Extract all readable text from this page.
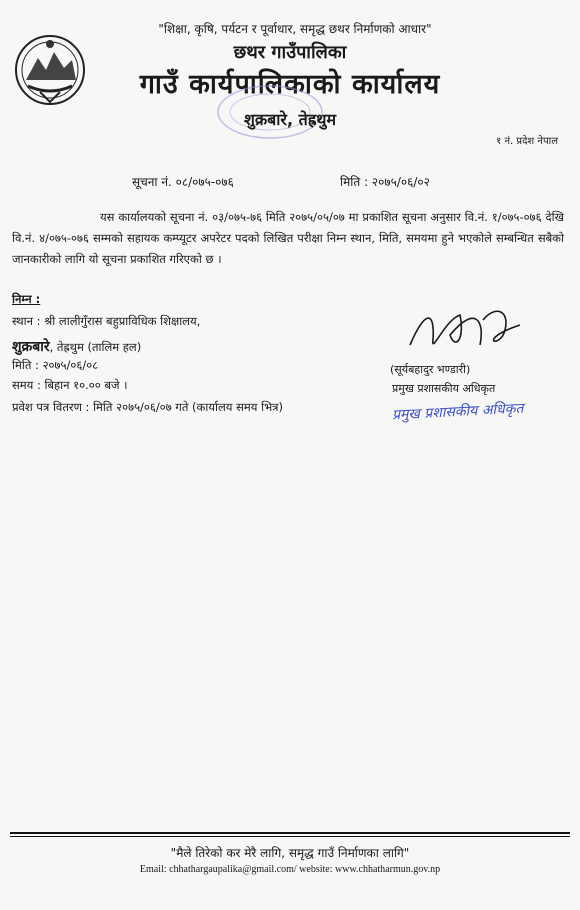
"शिक्षा, कृषि, पर्यटन र पूर्वाधार, समृद्ध छथर निर्माणको आधार"
छथर गाउँपालिका
गाउँ कार्यपालिकाको कार्यालय
शुक्रबारे, तेह्रथुम
१ नं. प्रदेश नेपाल
सूचना नं. ०८/०७५-०७६	मिति : २०७५/०६/०२
यस कार्यालयको सूचना नं. ०३/०७५-७६ मिति २०७५/०५/०७ मा प्रकाशित सूचना अनुसार वि.नं. १/०७५-०७६ देखि वि.नं. ४/०७५-०७६ सम्मको सहायक कम्प्यूटर अपरेटर पदको लिखित परीक्षा निम्न स्थान, मिति, समयमा हुने भएकोले सम्बन्धित सबैको जानकारीको लागि यो सूचना प्रकाशित गरिएको छ ।
निम्न :
स्थान : श्री लालीगुँरास बहुप्राविधिक शिक्षालय,
शुक्रबारे, तेह्रथुम (तालिम हल)
मिति : २०७५/०६/०८
समय : बिहान १०.०० बजे ।
प्रवेश पत्र वितरण : मिति २०७५/०६/०७ गते (कार्यालय समय भित्र)
(सूर्यबहादुर भण्डारी)
प्रमुख प्रशासकीय अधिकृत
प्रमुख प्रशासकीय अधिकृत
"मैले तिरेको कर मेरै लागि, समृद्ध गाउँ निर्माणका लागि"
Email: chhathargaupalika@gmail.com/ website: www.chhatharmun.gov.np
